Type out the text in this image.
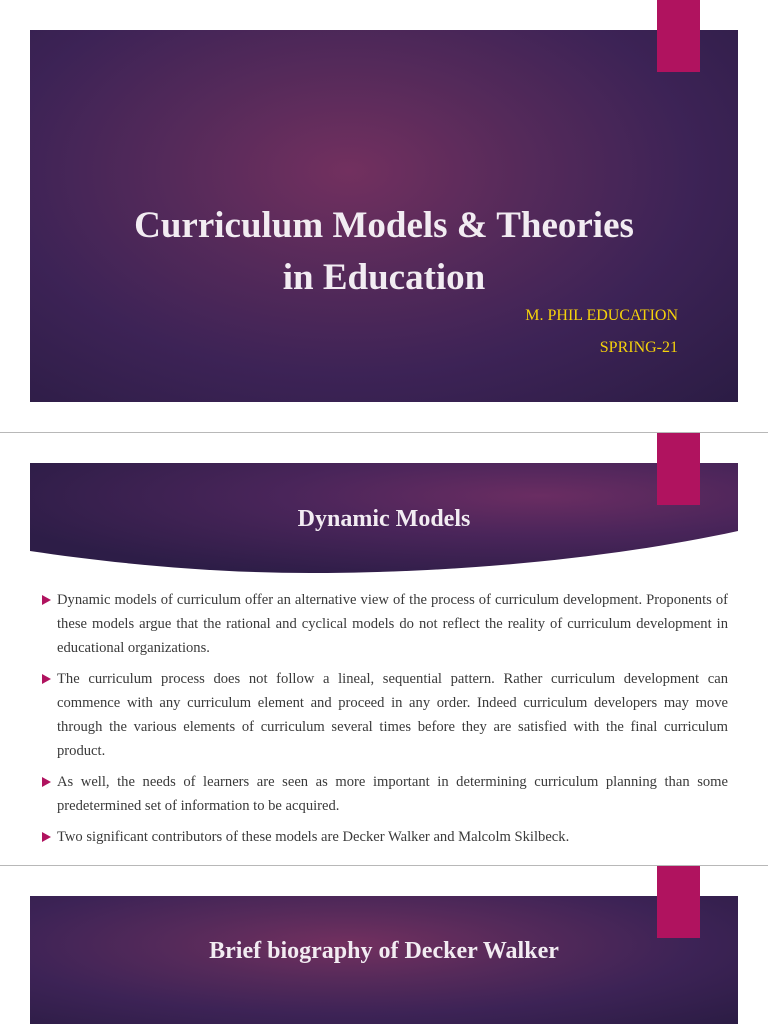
Curriculum Models & Theories
in Education
M. PHIL EDUCATION
SPRING-21
Dynamic Models
Dynamic models of curriculum offer an alternative view of the process of curriculum development. Proponents of these models argue that the rational and cyclical models do not reflect the reality of curriculum development in educational organizations.
The curriculum process does not follow a lineal, sequential pattern. Rather curriculum development can commence with any curriculum element and proceed in any order. Indeed curriculum developers may move through the various elements of curriculum several times before they are satisfied with the final curriculum product.
As well, the needs of learners are seen as more important in determining curriculum planning than some predetermined set of information to be acquired.
Two significant contributors of these models are Decker Walker and Malcolm Skilbeck.
Brief biography of Decker Walker
